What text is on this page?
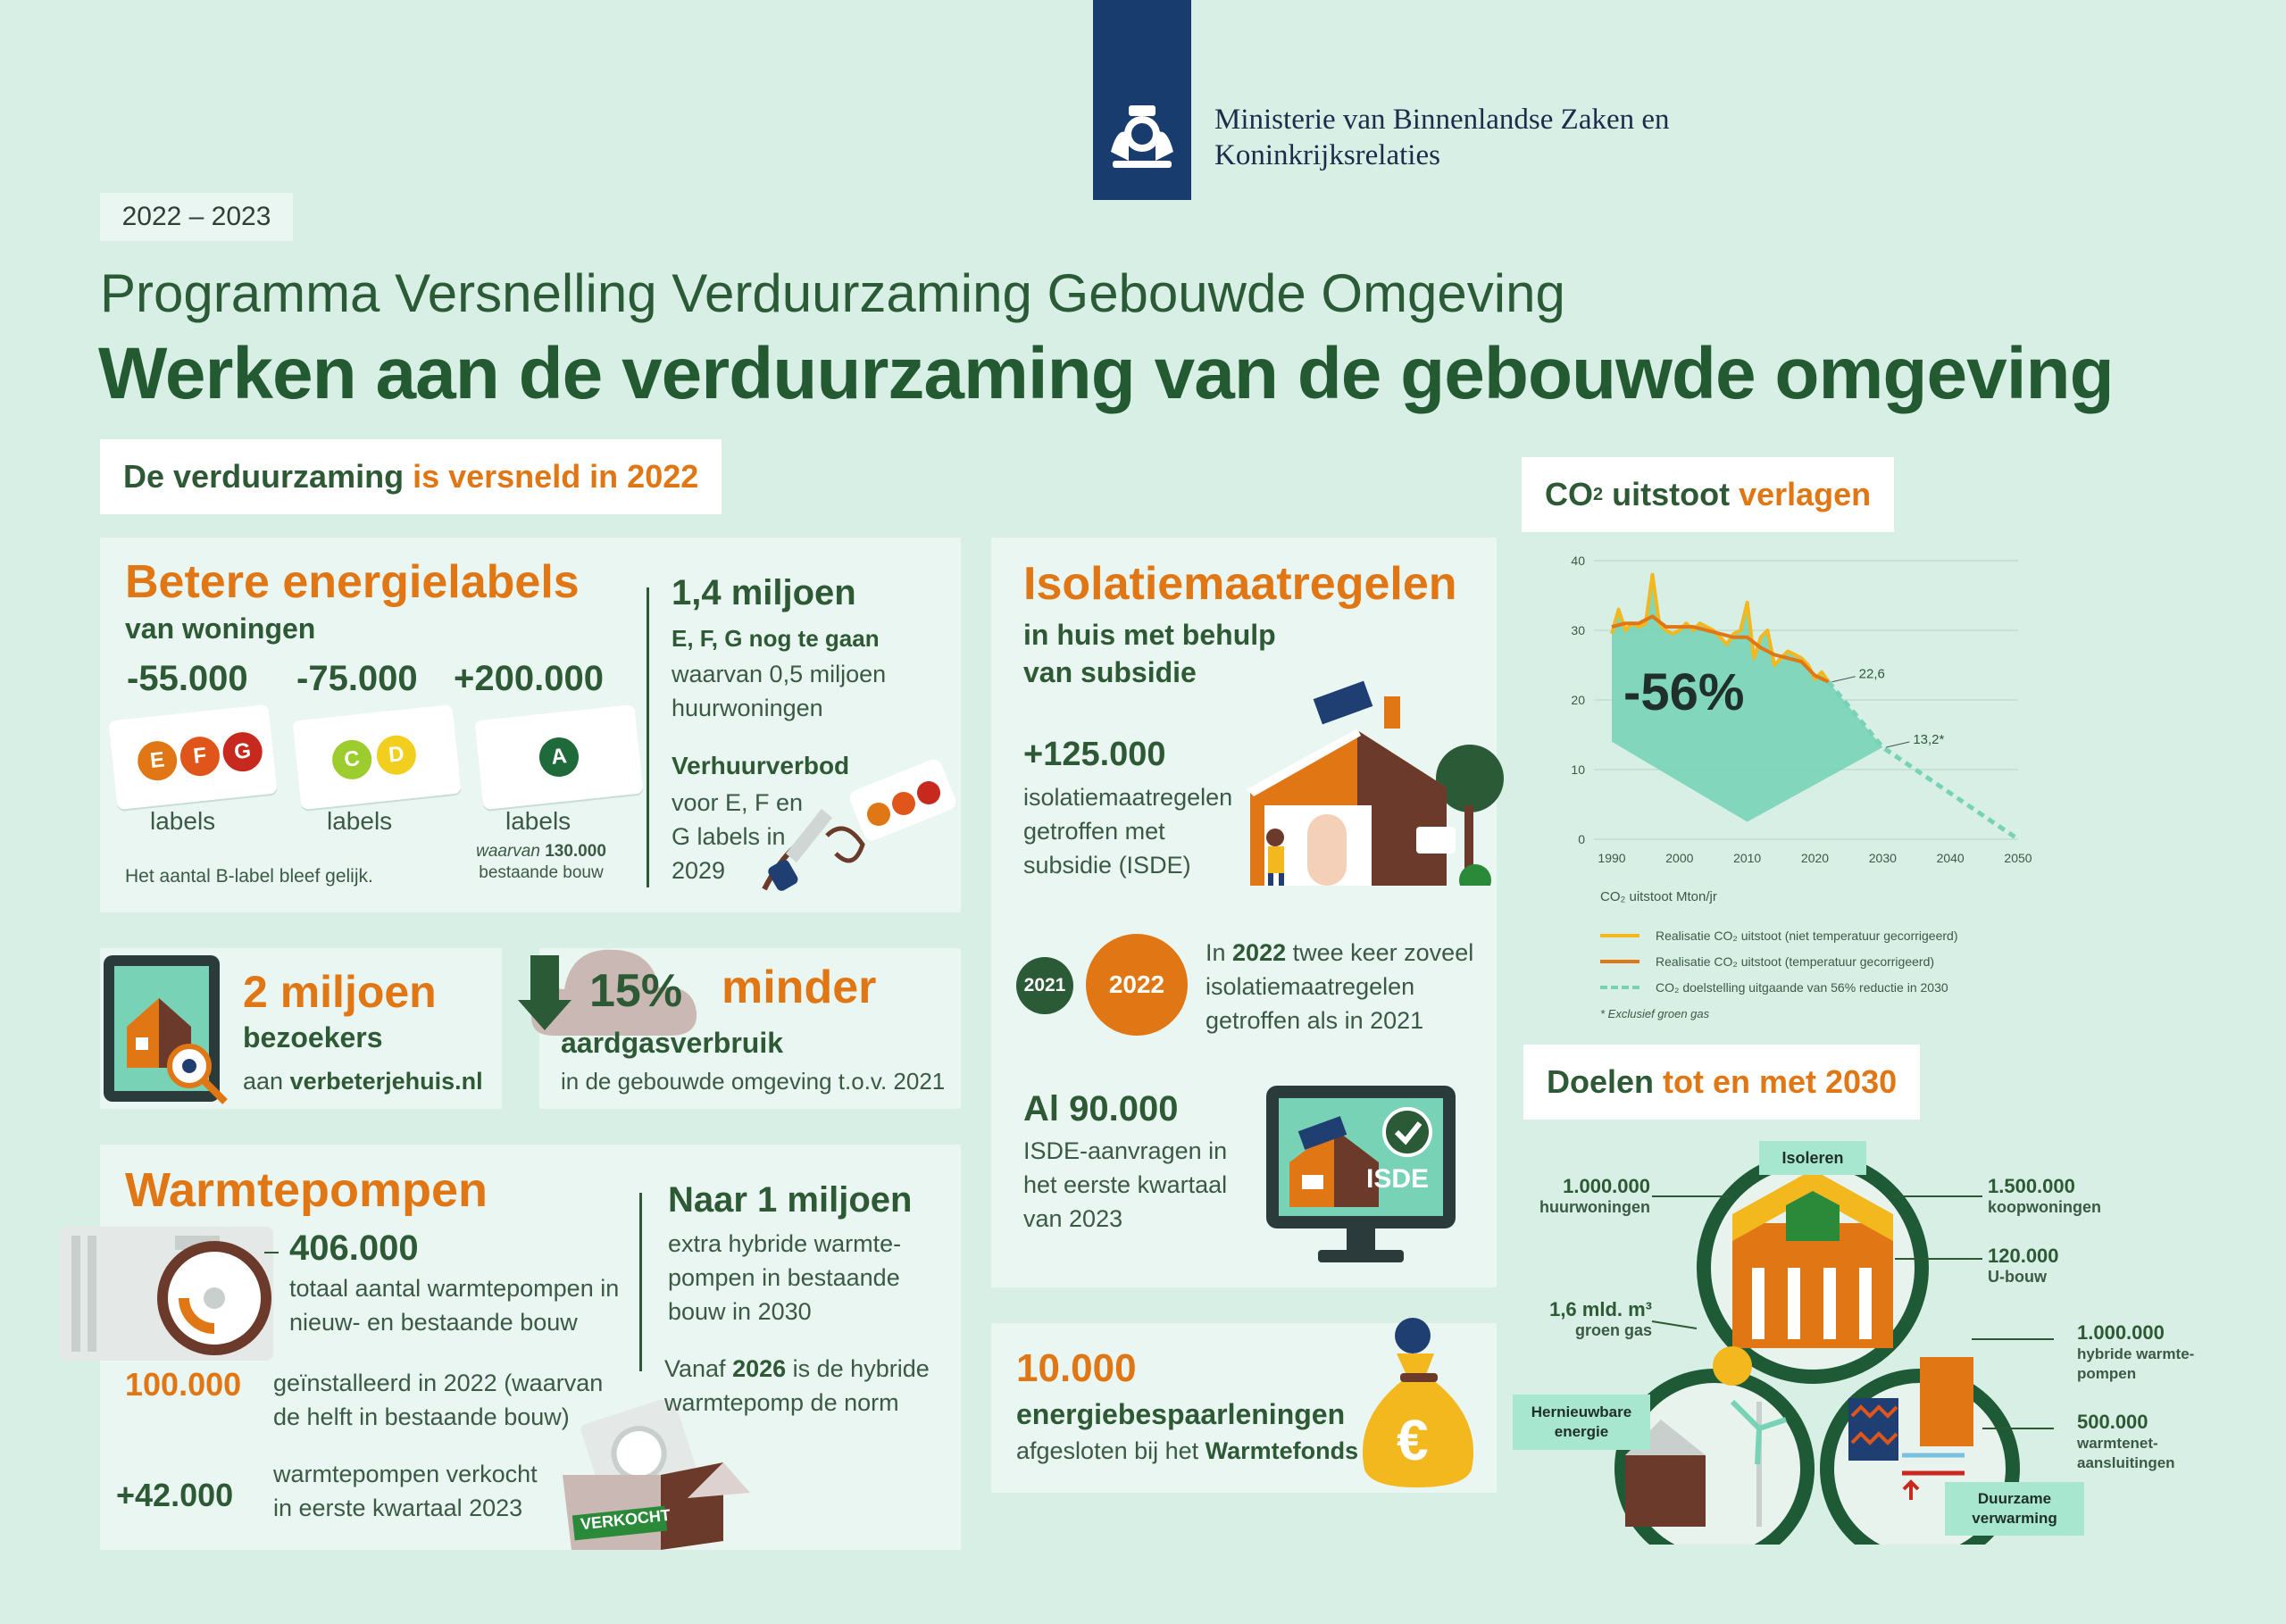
Ministerie van Binnenlandse Zaken en
Koninkrijksrelaties
2022 – 2023
Programma Versnelling Verduurzaming Gebouwde Omgeving
Werken aan de verduurzaming van de gebouwde omgeving
De verduurzaming is versneld in 2022
Betere energielabels
van woningen
-55.000 -75.000 +200.000
E	F	G	C	D	A
labels	labels	labels
waarvan 130.000
bestaande bouw
Het aantal B-label bleef gelijk.
1,4 miljoen
E, F, G nog te gaan
waarvan 0,5 miljoen huurwoningen
Verhuurverbod
voor E, F en G labels in 2029
2 miljoen
bezoekers
aan verbeterjehuis.nl
15% minder
aardgasverbruik
in de gebouwde omgeving t.o.v. 2021
Warmtepompen
406.000
totaal aantal warmtepompen in nieuw- en bestaande bouw
100.000 geïnstalleerd in 2022 (waarvan de helft in bestaande bouw)
+42.000
warmtepompen verkocht in eerste kwartaal 2023	VERKOCHT
Naar 1 miljoen
extra hybride warmte-pompen in bestaande bouw in 2030
Vanaf 2026 is de hybride warmtepomp de norm
Isolatiemaatregelen
in huis met behulp van subsidie
+125.000
isolatiemaatregelen getroffen met subsidie (ISDE)
2021 2022
In 2022 twee keer zoveel isolatiemaatregelen getroffen als in 2021
Al 90.000
ISDE-aanvragen in het eerste kwartaal van 2023
ISDE
10.000
energiebespaarleningen
afgesloten bij het Warmtefonds €
CO 2 uitstoot verlagen
0
10
20
30
40
1990	2000	2010	2020	2030	2040	2050
22,6
13,2*
-56%
CO₂ uitstoot Mton/jr
Realisatie CO₂ uitstoot (niet temperatuur gecorrigeerd)
Realisatie CO₂ uitstoot (temperatuur gecorrigeerd)
CO₂ doelstelling uitgaande van 56% reductie in 2030
* Exclusief groen gas
Doelen tot en met 2030
Isoleren
1.000.000
huurwoningen
1.500.000
koopwoningen
120.000
U-bouw
1,6 mld. m³
groen gas
Hernieuwbare
energie
1.000.000
hybride warmte-pompen
500.000
warmtenet-aansluitingen
Duurzame
verwarming
